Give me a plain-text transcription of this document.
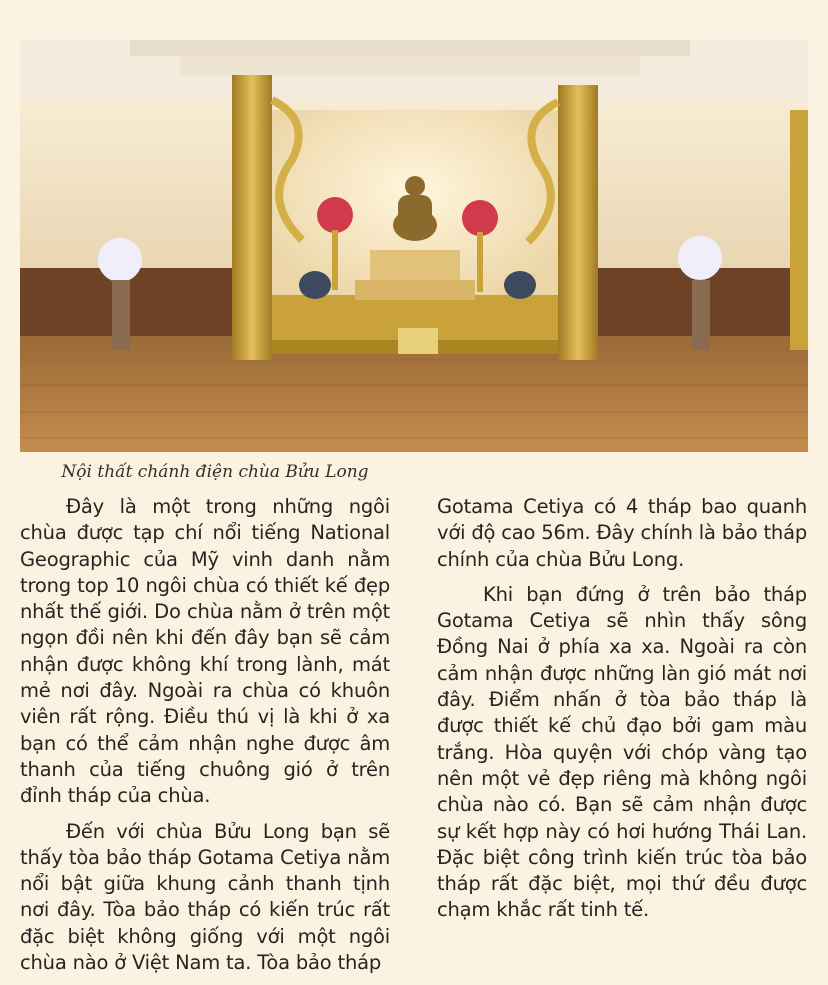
Nội thất chánh điện chùa Bửu Long

Đây là một trong những ngôi chùa được tạp chí nổi tiếng National Geographic của Mỹ vinh danh nằm trong top 10 ngôi chùa có thiết kế đẹp nhất thế giới. Do chùa nằm ở trên một ngọn đồi nên khi đến đây bạn sẽ cảm nhận được không khí trong lành, mát mẻ nơi đây. Ngoài ra chùa có khuôn viên rất rộng. Điều thú vị là khi ở xa bạn có thể cảm nhận nghe được âm thanh của tiếng chuông gió ở trên đỉnh tháp của chùa.

Đến với chùa Bửu Long bạn sẽ thấy tòa bảo tháp Gotama Cetiya nằm nổi bật giữa khung cảnh thanh tịnh nơi đây. Tòa bảo tháp có kiến trúc rất đặc biệt không giống với một ngôi chùa nào ở Việt Nam ta. Tòa bảo tháp

Gotama Cetiya có 4 tháp bao quanh với độ cao 56m. Đây chính là bảo tháp chính của chùa Bửu Long.

Khi bạn đứng ở trên bảo tháp Gotama Cetiya sẽ nhìn thấy sông Đồng Nai ở phía xa xa. Ngoài ra còn cảm nhận được những làn gió mát nơi đây. Điểm nhấn ở tòa bảo tháp là được thiết kế chủ đạo bởi gam màu trắng. Hòa quyện với chóp vàng tạo nên một vẻ đẹp riêng mà không ngôi chùa nào có. Bạn sẽ cảm nhận được sự kết hợp này có hơi hướng Thái Lan. Đặc biệt công trình kiến trúc tòa bảo tháp rất đặc biệt, mọi thứ đều được chạm khắc rất tinh tế.
